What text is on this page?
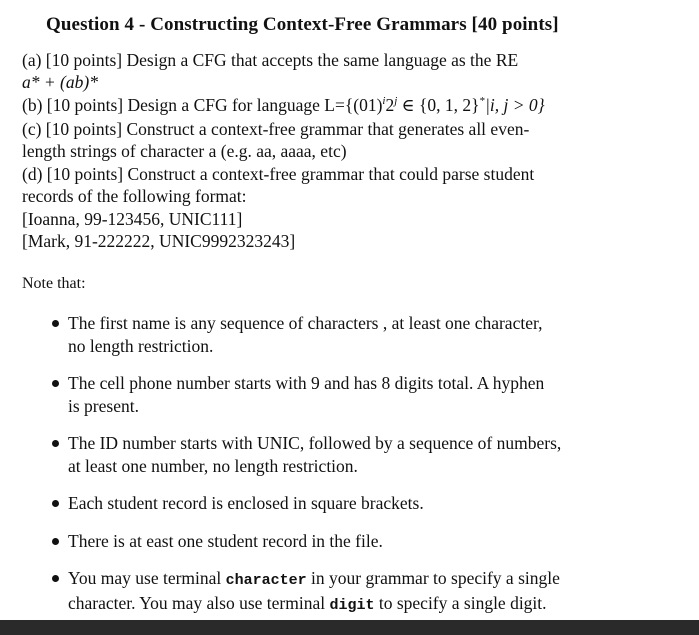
Question 4 - Constructing Context-Free Grammars [40 points]
(a) [10 points] Design a CFG that accepts the same language as the RE
a* + (ab)*
(b) [10 points] Design a CFG for language $L=\{(01)^i2^j$ ∈ {0, 1, 2}*|i, j > 0}
(c) [10 points] Construct a context-free grammar that generates all even-
length strings of character a (e.g. aa, aaaa, etc)
(d) [10 points] Construct a context-free grammar that could parse student
records of the following format:
[Ioanna, 99-123456, UNIC111]
[Mark, 91-222222, UNIC9992323243]
Note that:
The first name is any sequence of characters , at least one character,
no length restriction.
The cell phone number starts with 9 and has 8 digits total. A hyphen
is present.
The ID number starts with UNIC, followed by a sequence of numbers,
at least one number, no length restriction.
Each student record is enclosed in square brackets.
There is at east one student record in the file.
You may use terminal character in your grammar to specify a single
character. You may also use terminal digit to specify a single digit.
